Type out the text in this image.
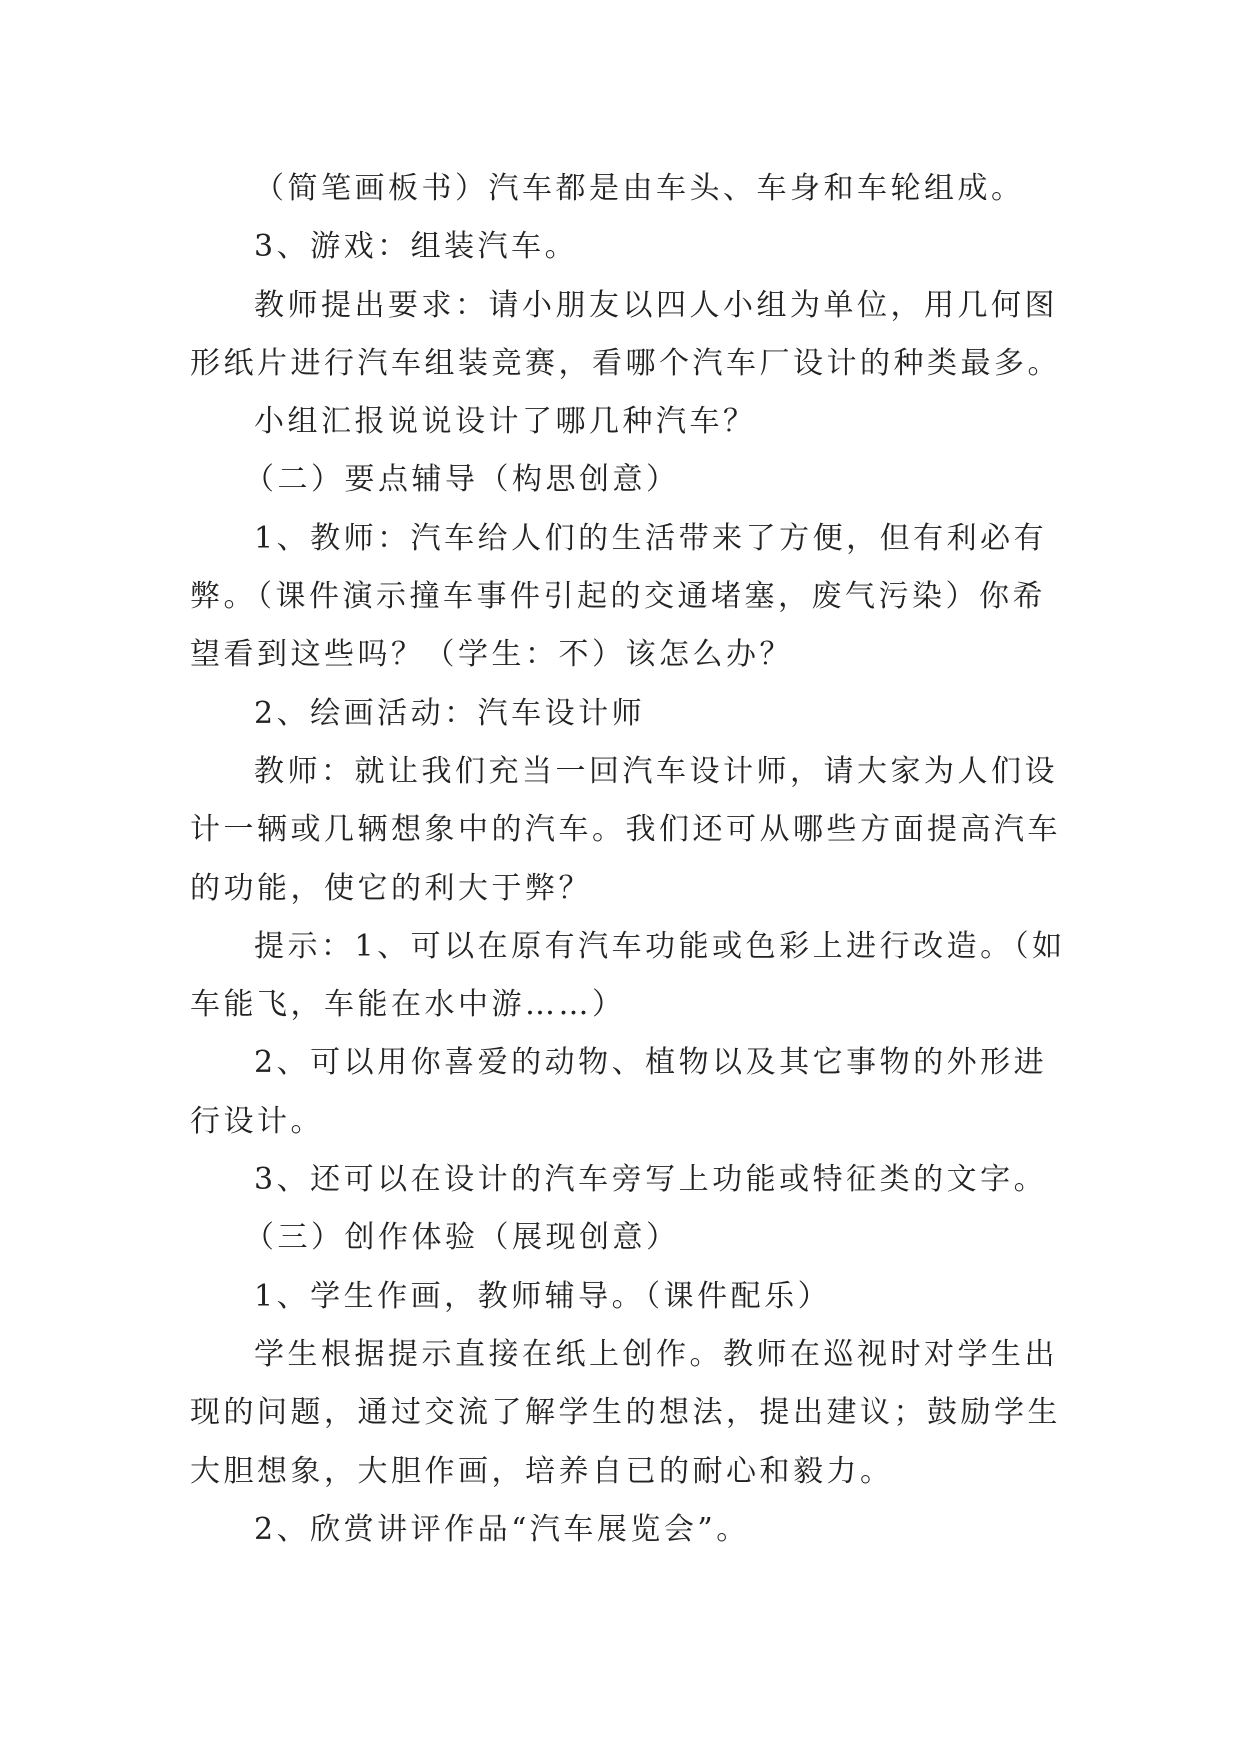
（简笔画板书）汽车都是由车头、车身和车轮组成。
3、游戏：组装汽车。
教师提出要求：请小朋友以四人小组为单位，用几何图
形纸片进行汽车组装竞赛，看哪个汽车厂设计的种类最多。
小组汇报说说设计了哪几种汽车？
（二）要点辅导（构思创意）
1、教师：汽车给人们的生活带来了方便，但有利必有
弊。（课件演示撞车事件引起的交通堵塞，废气污染）你希
望看到这些吗？（学生：不）该怎么办？
2、绘画活动：汽车设计师
教师：就让我们充当一回汽车设计师，请大家为人们设
计一辆或几辆想象中的汽车。我们还可从哪些方面提高汽车
的功能，使它的利大于弊？
提示：1、可以在原有汽车功能或色彩上进行改造。（如
车能飞，车能在水中游……）
2、可以用你喜爱的动物、植物以及其它事物的外形进
行设计。
3、还可以在设计的汽车旁写上功能或特征类的文字。
（三）创作体验（展现创意）
1、学生作画，教师辅导。（课件配乐）
学生根据提示直接在纸上创作。教师在巡视时对学生出
现的问题，通过交流了解学生的想法，提出建议；鼓励学生
大胆想象，大胆作画，培养自已的耐心和毅力。
2、欣赏讲评作品“汽车展览会”。
